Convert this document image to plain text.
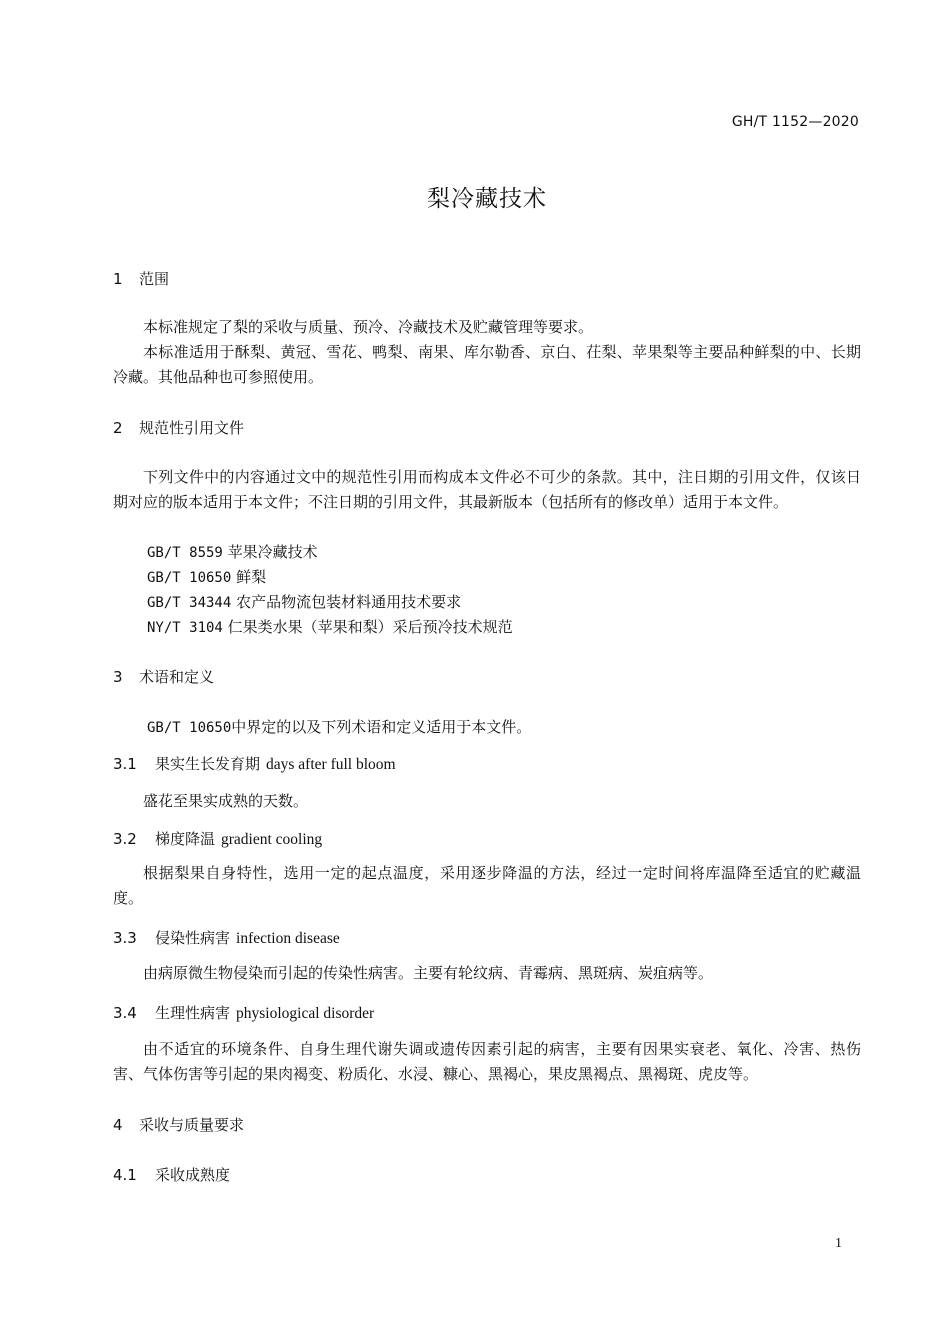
GH/T 1152—2020
梨冷藏技术
1 范围

本标准规定了梨的采收与质量、预冷、冷藏技术及贮藏管理等要求。

本标准适用于酥梨、黄冠、雪花、鸭梨、南果、库尔勒香、京白、茌梨、苹果梨等主要品种鲜梨的中、长期冷藏。其他品种也可参照使用。

2 规范性引用文件

下列文件中的内容通过文中的规范性引用而构成本文件必不可少的条款。其中，注日期的引用文件，仅该日期对应的版本适用于本文件；不注日期的引用文件，其最新版本（包括所有的修改单）适用于本文件。

GB/T 8559 苹果冷藏技术
GB/T 10650 鲜梨
GB/T 34344 农产品物流包装材料通用技术要求
NY/T 3104 仁果类水果（苹果和梨）采后预冷技术规范
3 术语和定义
GB/T 10650中界定的以及下列术语和定义适用于本文件。
3.1 果实生长发育期 days after full bloom

盛花至果实成熟的天数。

3.2 梯度降温 gradient cooling

根据梨果自身特性，选用一定的起点温度，采用逐步降温的方法，经过一定时间将库温降至适宜的贮藏温度。

3.3 侵染性病害 infection disease

由病原微生物侵染而引起的传染性病害。主要有轮纹病、青霉病、黑斑病、炭疽病等。

3.4 生理性病害 physiological disorder

由不适宜的环境条件、自身生理代谢失调或遗传因素引起的病害，主要有因果实衰老、氧化、冷害、热伤害、气体伤害等引起的果肉褐变、粉质化、水浸、糠心、黑褐心，果皮黑褐点、黑褐斑、虎皮等。

4 采收与质量要求
4.1 采收成熟度
1
